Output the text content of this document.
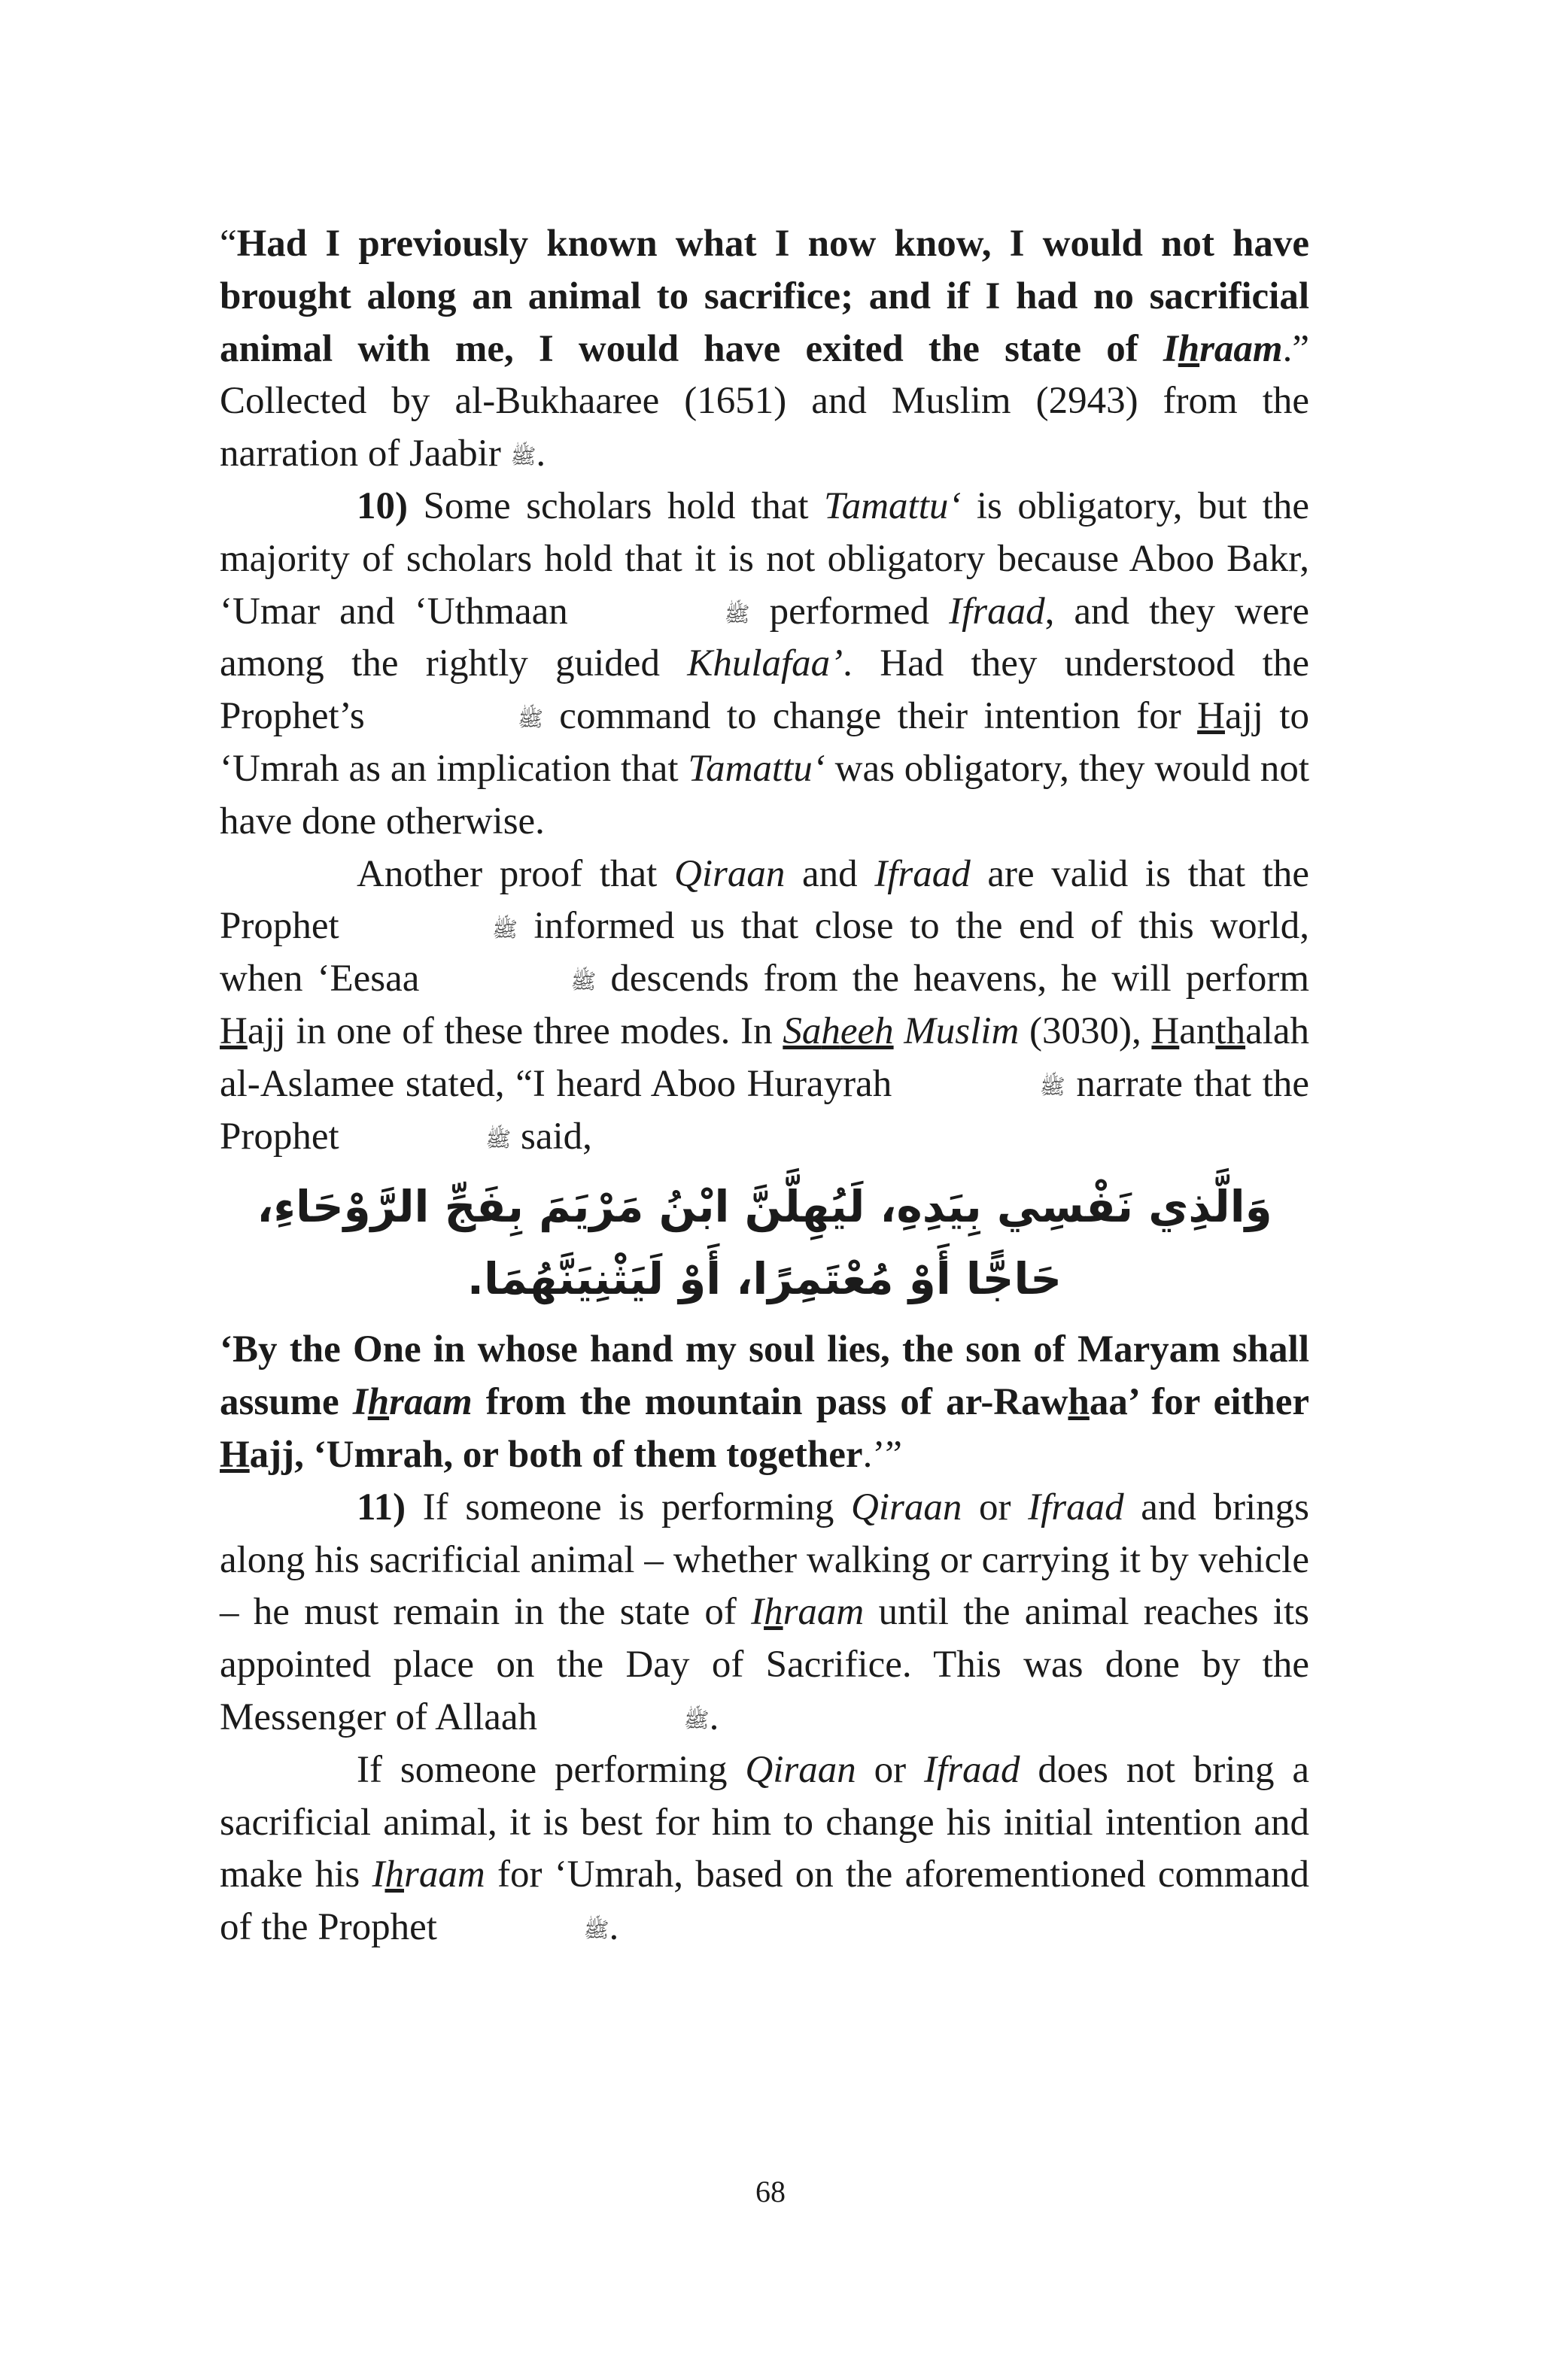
“Had I previously known what I now know, I would not have brought along an animal to sacrifice; and if I had no sacrificial animal with me, I would have exited the state of Ihraam.” Collected by al-Bukhaaree (1651) and Muslim (2943) from the narration of Jaabir ﷺ.

10) Some scholars hold that Tamattu‘ is obligatory, but the majority of scholars hold that it is not obligatory because Aboo Bakr, ‘Umar and ‘Uthmaan	ﷺ performed Ifraad, and they were among the rightly guided Khulafaa’. Had they understood the Prophet’s	ﷺ command to change their intention for Hajj to ‘Umrah as an implication that Tamattu‘ was obligatory, they would not have done otherwise.

Another proof that Qiraan and Ifraad are valid is that the Prophet	ﷺ informed us that close to the end of this world, when ‘Eesaa	ﷺ descends from the heavens, he will perform Hajj in one of these three modes. In Saheeh Muslim (3030), Hanthalah al-Aslamee stated, “I heard Aboo Hurayrah	ﷺ narrate that the Prophet	ﷺ said,

وَالَّذِي نَفْسِي بِيَدِهِ، لَيُهِلَّنَّ ابْنُ مَرْيَمَ بِفَجِّ الرَّوْحَاءِ،
حَاجًّا أَوْ مُعْتَمِرًا، أَوْ لَيَثْنِيَنَّهُمَا.

‘By the One in whose hand my soul lies, the son of Maryam shall assume Ihraam from the mountain pass of ar-Rawhaa’ for either Hajj, ‘Umrah, or both of them together.’”

11) If someone is performing Qiraan or Ifraad and brings along his sacrificial animal – whether walking or carrying it by vehicle – he must remain in the state of Ihraam until the animal reaches its appointed place on the Day of Sacrifice. This was done by the Messenger of Allaah	ﷺ.

If someone performing Qiraan or Ifraad does not bring a sacrificial animal, it is best for him to change his initial intention and make his Ihraam for ‘Umrah, based on the aforementioned command of the Prophet	ﷺ.

68
